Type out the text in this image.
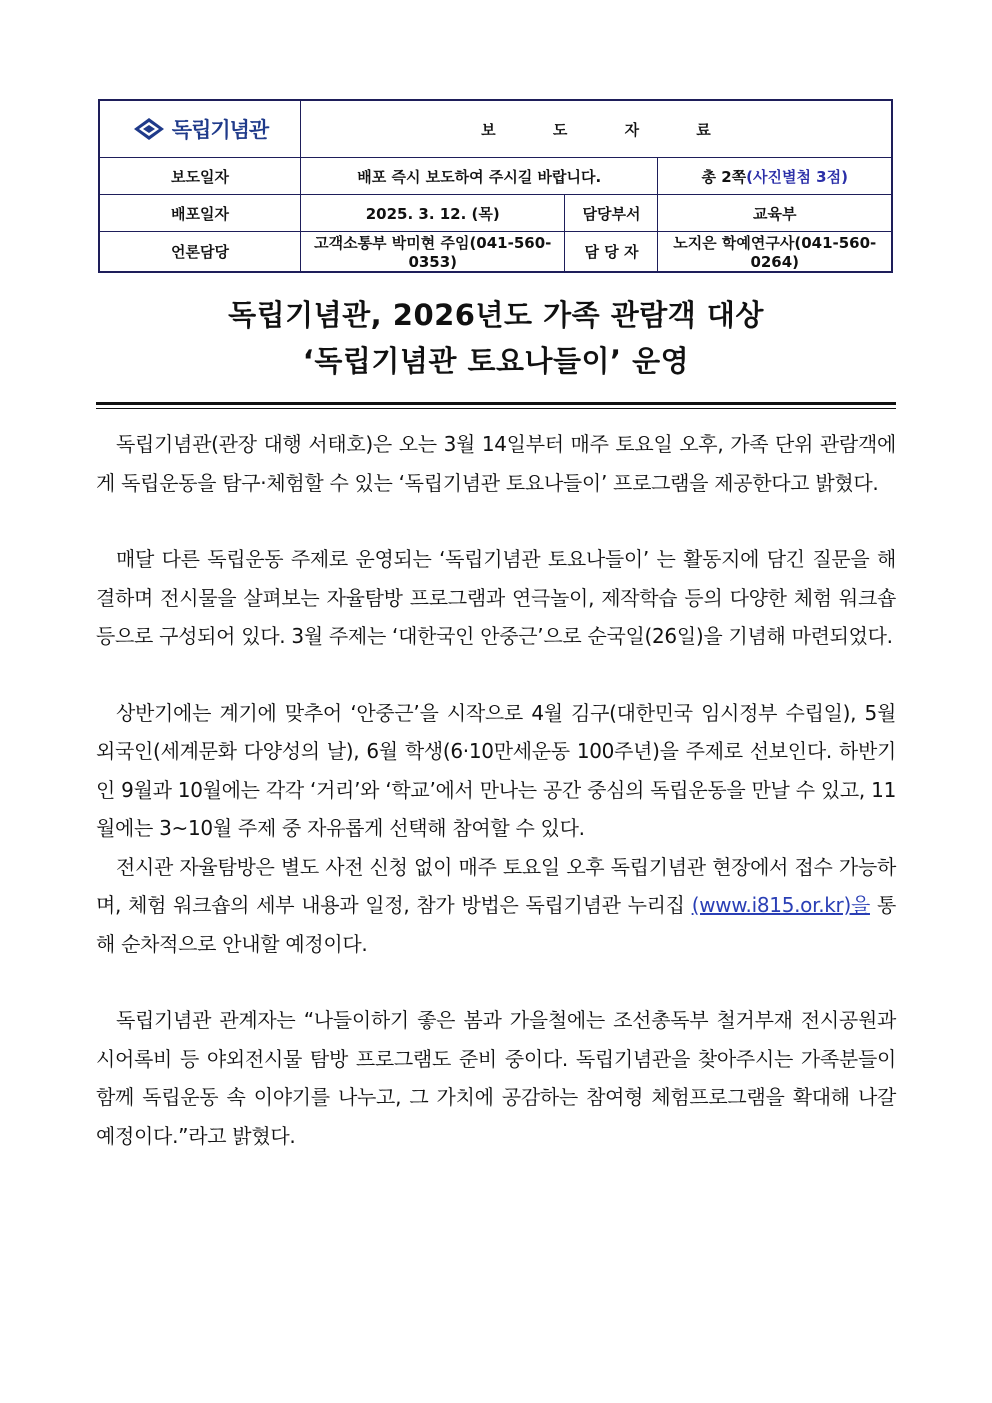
독립기념관	보 도 자 료		
보도일자	배포 즉시 보도하여 주시길 바랍니다.		총 2쪽(사진별첨 3점)
배포일자	2025. 3. 12. (목)	담당부서	교육부
언론담당	고객소통부 박미현 주임(041-560-0353)	담 당 자	노지은 학예연구사(041-560-0264)
독립기념관, 2026년도 가족 관람객 대상
‘독립기념관 토요나들이’ 운영

독립기념관(관장 대행 서태호)은 오는 3월 14일부터 매주 토요일 오후, 가족 단위 관람객에게 독립운동을 탐구·체험할 수 있는 ‘독립기념관 토요나들이’ 프로그램을 제공한다고 밝혔다.

매달 다른 독립운동 주제로 운영되는 ‘독립기념관 토요나들이’ 는 활동지에 담긴 질문을 해결하며 전시물을 살펴보는 자율탐방 프로그램과 연극놀이, 제작학습 등의 다양한 체험 워크숍 등으로 구성되어 있다. 3월 주제는 ‘대한국인 안중근’으로 순국일(26일)을 기념해 마련되었다.

상반기에는 계기에 맞추어 ‘안중근’을 시작으로 4월 김구(대한민국 임시정부 수립일), 5월 외국인(세계문화 다양성의 날), 6월 학생(6·10만세운동 100주년)을 주제로 선보인다. 하반기인 9월과 10월에는 각각 ‘거리’와 ‘학교’에서 만나는 공간 중심의 독립운동을 만날 수 있고, 11월에는 3~10월 주제 중 자유롭게 선택해 참여할 수 있다.

전시관 자율탐방은 별도 사전 신청 없이 매주 토요일 오후 독립기념관 현장에서 접수 가능하며, 체험 워크숍의 세부 내용과 일정, 참가 방법은 독립기념관 누리집 (www.i815.or.kr)을 통해 순차적으로 안내할 예정이다.

독립기념관 관계자는 “나들이하기 좋은 봄과 가을철에는 조선총독부 철거부재 전시공원과 시어록비 등 야외전시물 탐방 프로그램도 준비 중이다. 독립기념관을 찾아주시는 가족분들이 함께 독립운동 속 이야기를 나누고, 그 가치에 공감하는 참여형 체험프로그램을 확대해 나갈 예정이다.”라고 밝혔다.
